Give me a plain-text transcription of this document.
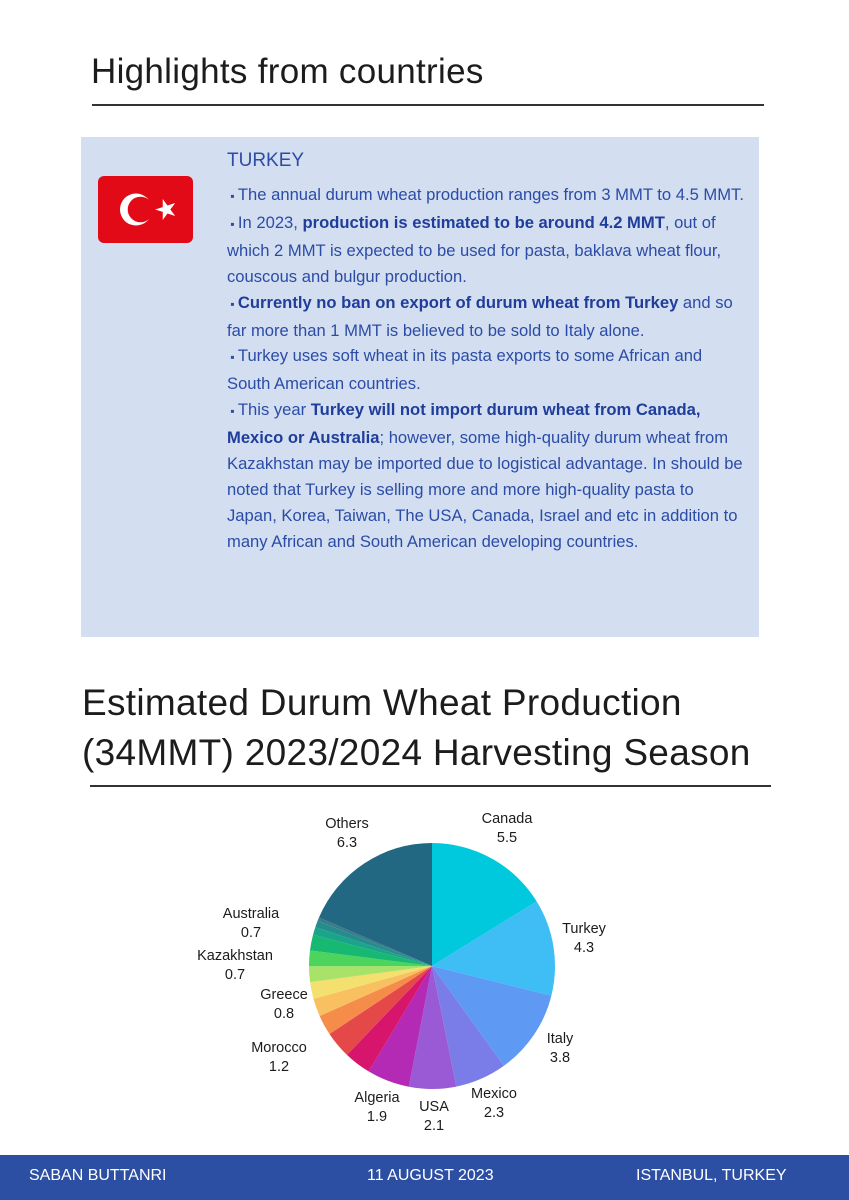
Highlights from countries
TURKEY

▪ The annual durum wheat production ranges from 3 MMT to 4.5 MMT.

▪ In 2023, production is estimated to be around 4.2 MMT, out of which 2 MMT is expected to be used for pasta, baklava wheat flour, couscous and bulgur production.

▪ Currently no ban on export of durum wheat from Turkey and so far more than 1 MMT is believed to be sold to Italy alone.

▪ Turkey uses soft wheat in its pasta exports to some African and South American countries.

▪ This year Turkey will not import durum wheat from Canada, Mexico or Australia; however, some high-quality durum wheat from Kazakhstan may be imported due to logistical advantage. In should be noted that Turkey is selling more and more high-quality pasta to Japan, Korea, Taiwan, The USA, Canada, Israel and etc in addition to many African and South American developing countries.

Estimated Durum Wheat Production
(34MMT) 2023/2024 Harvesting Season
Canada
5.5
Turkey
4.3
Italy
3.8
Mexico
2.3
USA
2.1
Algeria
1.9
Morocco
1.2
Greece
0.8
Kazakhstan
0.7
Australia
0.7
Others
6.3
SABAN BUTTANRI	11 AUGUST 2023	ISTANBUL, TURKEY
